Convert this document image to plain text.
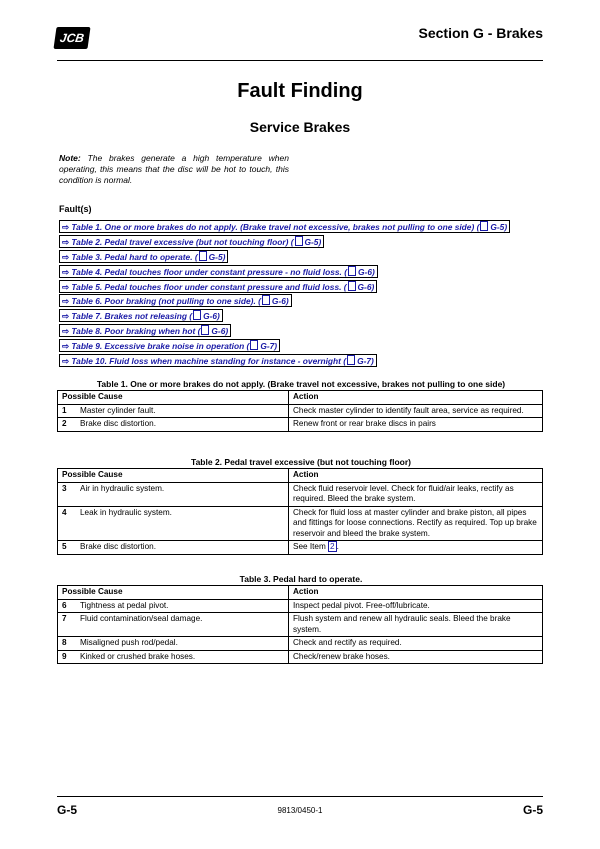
JCB	Section G - Brakes
Fault Finding
Service Brakes
Note: The brakes generate a high temperature when operating, this means that the disc will be hot to touch, this condition is normal.
Fault(s)
⇨ Table 1. One or more brakes do not apply. (Brake travel not excessive, brakes not pulling to one side) ( G-5)
⇨ Table 2. Pedal travel excessive (but not touching floor) ( G-5)
⇨ Table 3. Pedal hard to operate. ( G-5)
⇨ Table 4. Pedal touches floor under constant pressure - no fluid loss. ( G-6)
⇨ Table 5. Pedal touches floor under constant pressure and fluid loss. ( G-6)
⇨ Table 6. Poor braking (not pulling to one side). ( G-6)
⇨ Table 7. Brakes not releasing ( G-6)
⇨ Table 8. Poor braking when hot ( G-6)
⇨ Table 9. Excessive brake noise in operation ( G-7)
⇨ Table 10. Fluid loss when machine standing for instance - overnight ( G-7)
Table 1. One or more brakes do not apply. (Brake travel not excessive, brakes not pulling to one side)
Possible Cause		Action
1	Master cylinder fault.	Check master cylinder to identify fault area, service as required.
2	Brake disc distortion.	Renew front or rear brake discs in pairs
Table 2. Pedal travel excessive (but not touching floor)
Possible Cause		Action
3	Air in hydraulic system.	Check fluid reservoir level. Check for fluid/air leaks, rectify as required. Bleed the brake system.
4	Leak in hydraulic system.	Check for fluid loss at master cylinder and brake piston, all pipes and fittings for loose connections. Rectify as required. Top up brake reservoir and bleed the brake system.
5	Brake disc distortion.	See Item 2 .
Table 3. Pedal hard to operate.
Possible Cause		Action
6	Tightness at pedal pivot.	Inspect pedal pivot. Free-off/lubricate.
7	Fluid contamination/seal damage.	Flush system and renew all hydraulic seals. Bleed the brake system.
8	Misaligned push rod/pedal.	Check and rectify as required.
9	Kinked or crushed brake hoses.	Check/renew brake hoses.
G-5	9813/0450-1	G-5
